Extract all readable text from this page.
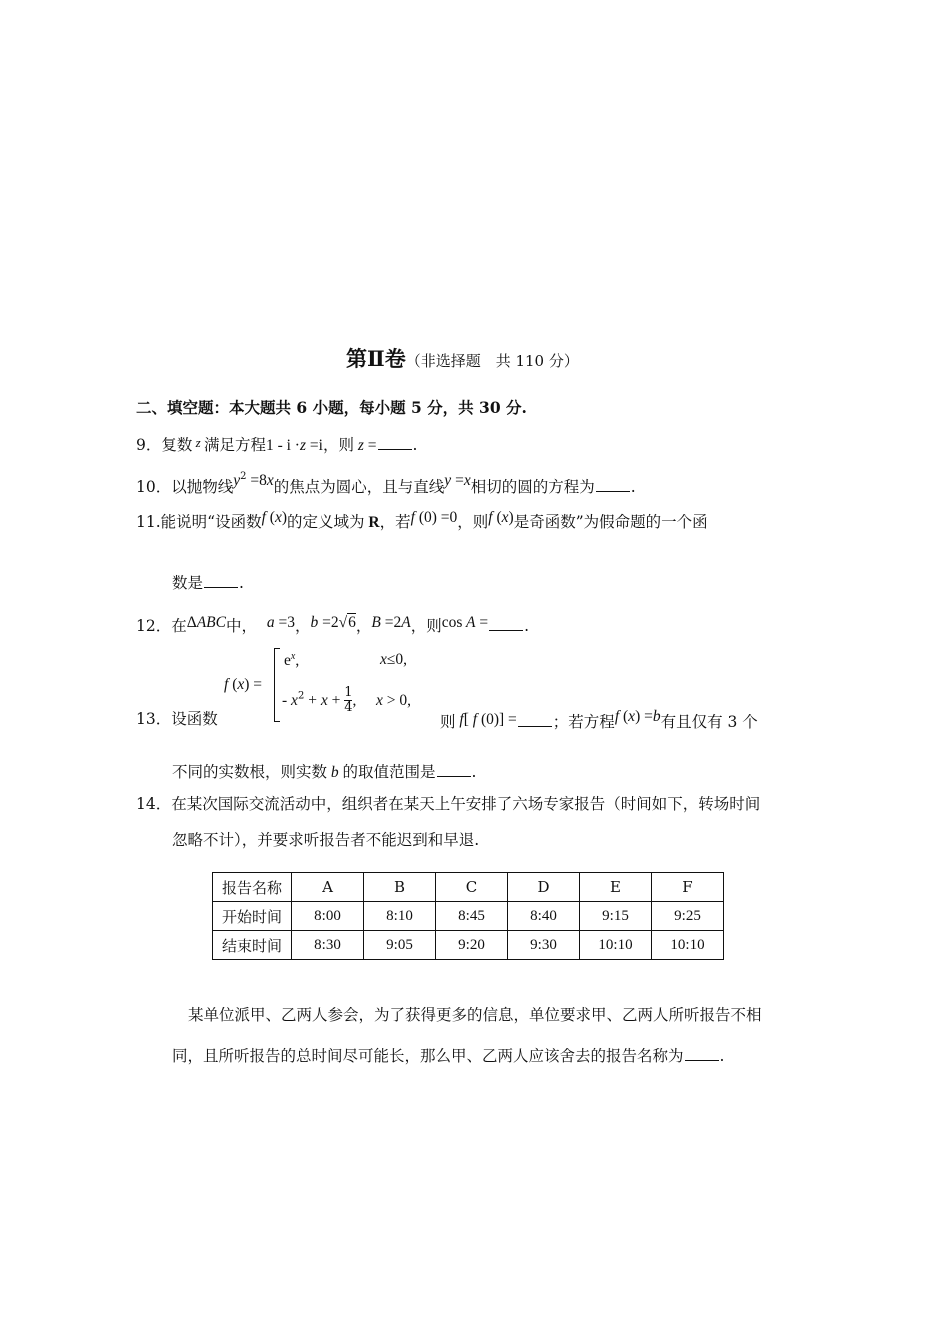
第Ⅱ卷（非选择题　共 110 分）
二、填空题：本大题共 6 小题，每小题 5 分，共 30 分.
9．复数 z 满足方程1 - i ·z =i，则 z = .
10．以抛物线$y^2 =8x$的焦点为圆心，且与直线y =x相切的圆的方程为 .
11.能说明“设函数f (x)的定义域为 R，若f (0) =0，则f (x)是奇函数”为假命题的一个函
数是 .
12．在ΔABC中， a =3，b =2√6，B =2A，则cos A = .
f (x) =
$e^x$,	x≤0,
- $x^2 + x + \frac{1}{4}$ , x > 0,
13．设函数	则 f[ f (0)] = ；若方程f (x) =b有且仅有 3 个
不同的实数根，则实数 b 的取值范围是 .
14．在某次国际交流活动中，组织者在某天上午安排了六场专家报告（时间如下，转场时间
忽略不计），并要求听报告者不能迟到和早退.
报告名称	A	B	C	D	E	F
开始时间	8:00	8:10	8:45	8:40	9:15	9:25
结束时间	8:30	9:05	9:20	9:30	10:10	10:10
某单位派甲、乙两人参会，为了获得更多的信息，单位要求甲、乙两人所听报告不相
同，且所听报告的总时间尽可能长，那么甲、乙两人应该舍去的报告名称为 .
